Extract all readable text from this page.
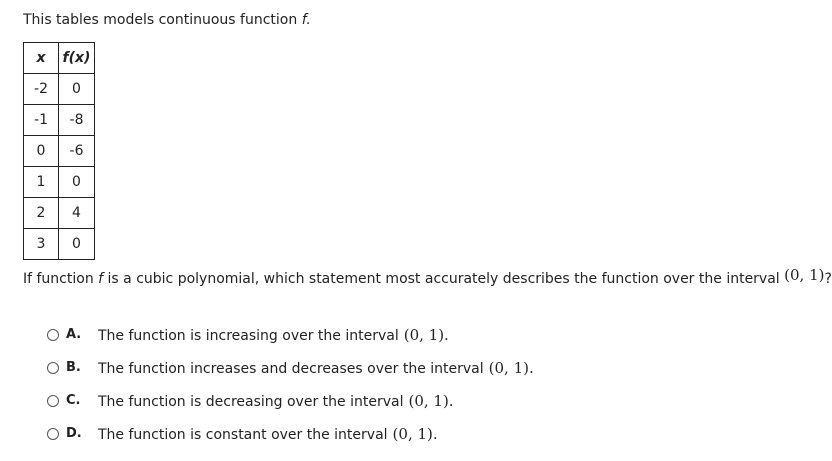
This tables models continuous function f.
x	f(x)
-2	0
-1	-8
0	-6
1	0
2	4
3	0
If function f is a cubic polynomial, which statement most accurately describes the function over the interval (0, 1)?
A.	The function is increasing over the interval (0, 1).
B.	The function increases and decreases over the interval (0, 1).
C.	The function is decreasing over the interval (0, 1).
D.	The function is constant over the interval (0, 1).
